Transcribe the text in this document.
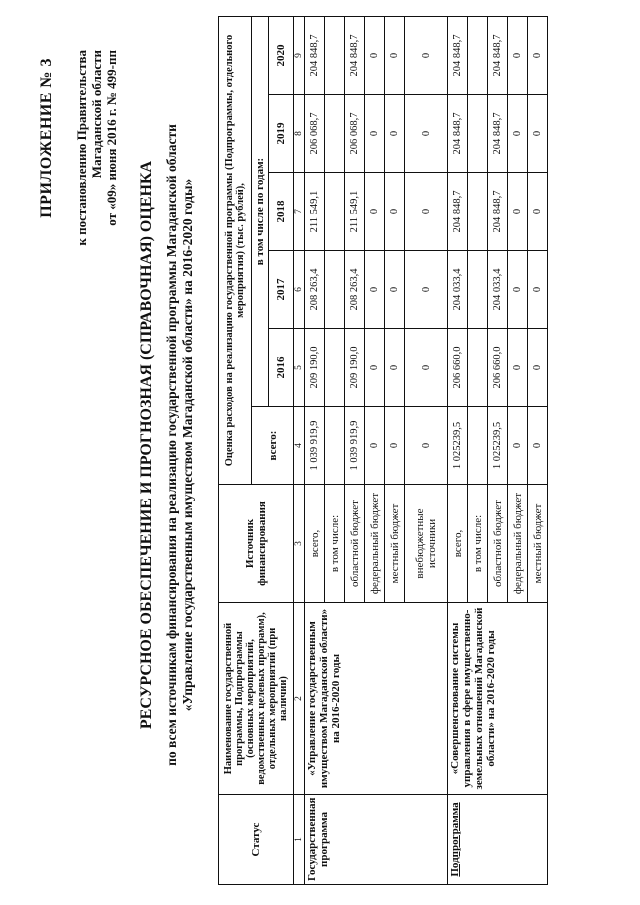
ПРИЛОЖЕНИЕ № 3 к постановлению Правительства Магаданской области от «09» июня 2016 г. № 499-пп
РЕСУРСНОЕ ОБЕСПЕЧЕНИЕ И ПРОГНОЗНАЯ (СПРАВОЧНАЯ) ОЦЕНКА по всем источникам финансирования на реализацию государственной программы Магаданской области «Управление государственным имуществом Магаданской области» на 2016-2020 годы»
Статус	Наименование государственной программы, Подпрограммы (основных мероприятий, ведомственных целевых программ), отдельных мероприятий (при наличии)	Источник финансирования	Оценка расходов на реализацию государственной программы (Подпрограммы, отдельного мероприятия) (тыс. рублей),					
			всего:	в том числе по годам:				
				2016	2017	2018	2019	2020
1	2	3	4	5	6	7	8	9
Государственная программа	«Управление государственным имуществом Магаданской области» на 2016-2020 годы	всего,	1 039 919,9	209 190,0	208 263,4	211 549,1	206 068,7	204 848,7
		в том числе:						
		областной бюджет	1 039 919,9	209 190,0	208 263,4	211 549,1	206 068,7	204 848,7
		федеральный бюджет	0	0	0	0	0	0
		местный бюджет	0	0	0	0	0	0
		внебюджетные источники	0	0	0	0	0	0
Подпрограмма	«Совершенствование системы управления в сфере имущественно-земельных отношений Магаданской области» на 2016-2020 годы	всего,	1 025239,5	206 660,0	204 033,4	204 848,7	204 848,7	204 848,7
		в том числе:						
		областной бюджет	1 025239,5	206 660,0	204 033,4	204 848,7	204 848,7	204 848,7
		федеральный бюджет	0	0	0	0	0	0
		местный бюджет	0	0	0	0	0	0
